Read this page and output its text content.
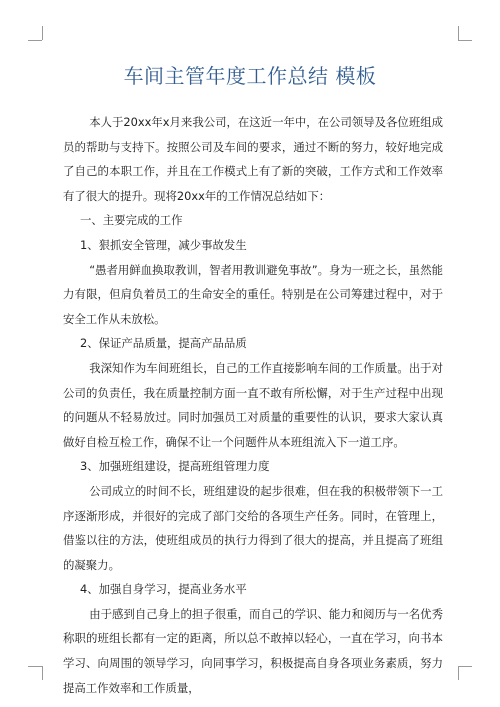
车间主管年度工作总结 模板

本人于20xx年x月来我公司，在这近一年中，在公司领导及各位班组成员的帮助与支持下。按照公司及车间的要求，通过不断的努力，较好地完成了自己的本职工作，并且在工作模式上有了新的突破，工作方式和工作效率有了很大的提升。现将20xx年的工作情况总结如下：

一、主要完成的工作

1、狠抓安全管理，减少事故发生

“愚者用鲜血换取教训，智者用教训避免事故”。身为一班之长，虽然能力有限，但肩负着员工的生命安全的重任。特别是在公司筹建过程中，对于安全工作从未放松。

2、保证产品质量，提高产品品质

我深知作为车间班组长，自己的工作直接影响车间的工作质量。出于对公司的负责任，我在质量控制方面一直不敢有所松懈，对于生产过程中出现的问题从不轻易放过。同时加强员工对质量的重要性的认识，要求大家认真做好自检互检工作，确保不让一个问题件从本班组流入下一道工序。

3、加强班组建设，提高班组管理力度

公司成立的时间不长，班组建设的起步很难，但在我的积极带领下一工序逐渐形成，并很好的完成了部门交给的各项生产任务。同时，在管理上，借鉴以往的方法，使班组成员的执行力得到了很大的提高，并且提高了班组的凝聚力。

4、加强自身学习，提高业务水平

由于感到自己身上的担子很重，而自己的学识、能力和阅历与一名优秀称职的班组长都有一定的距离，所以总不敢掉以轻心，一直在学习，向书本学习、向周围的领导学习，向同事学习，积极提高自身各项业务素质，努力提高工作效率和工作质量，
